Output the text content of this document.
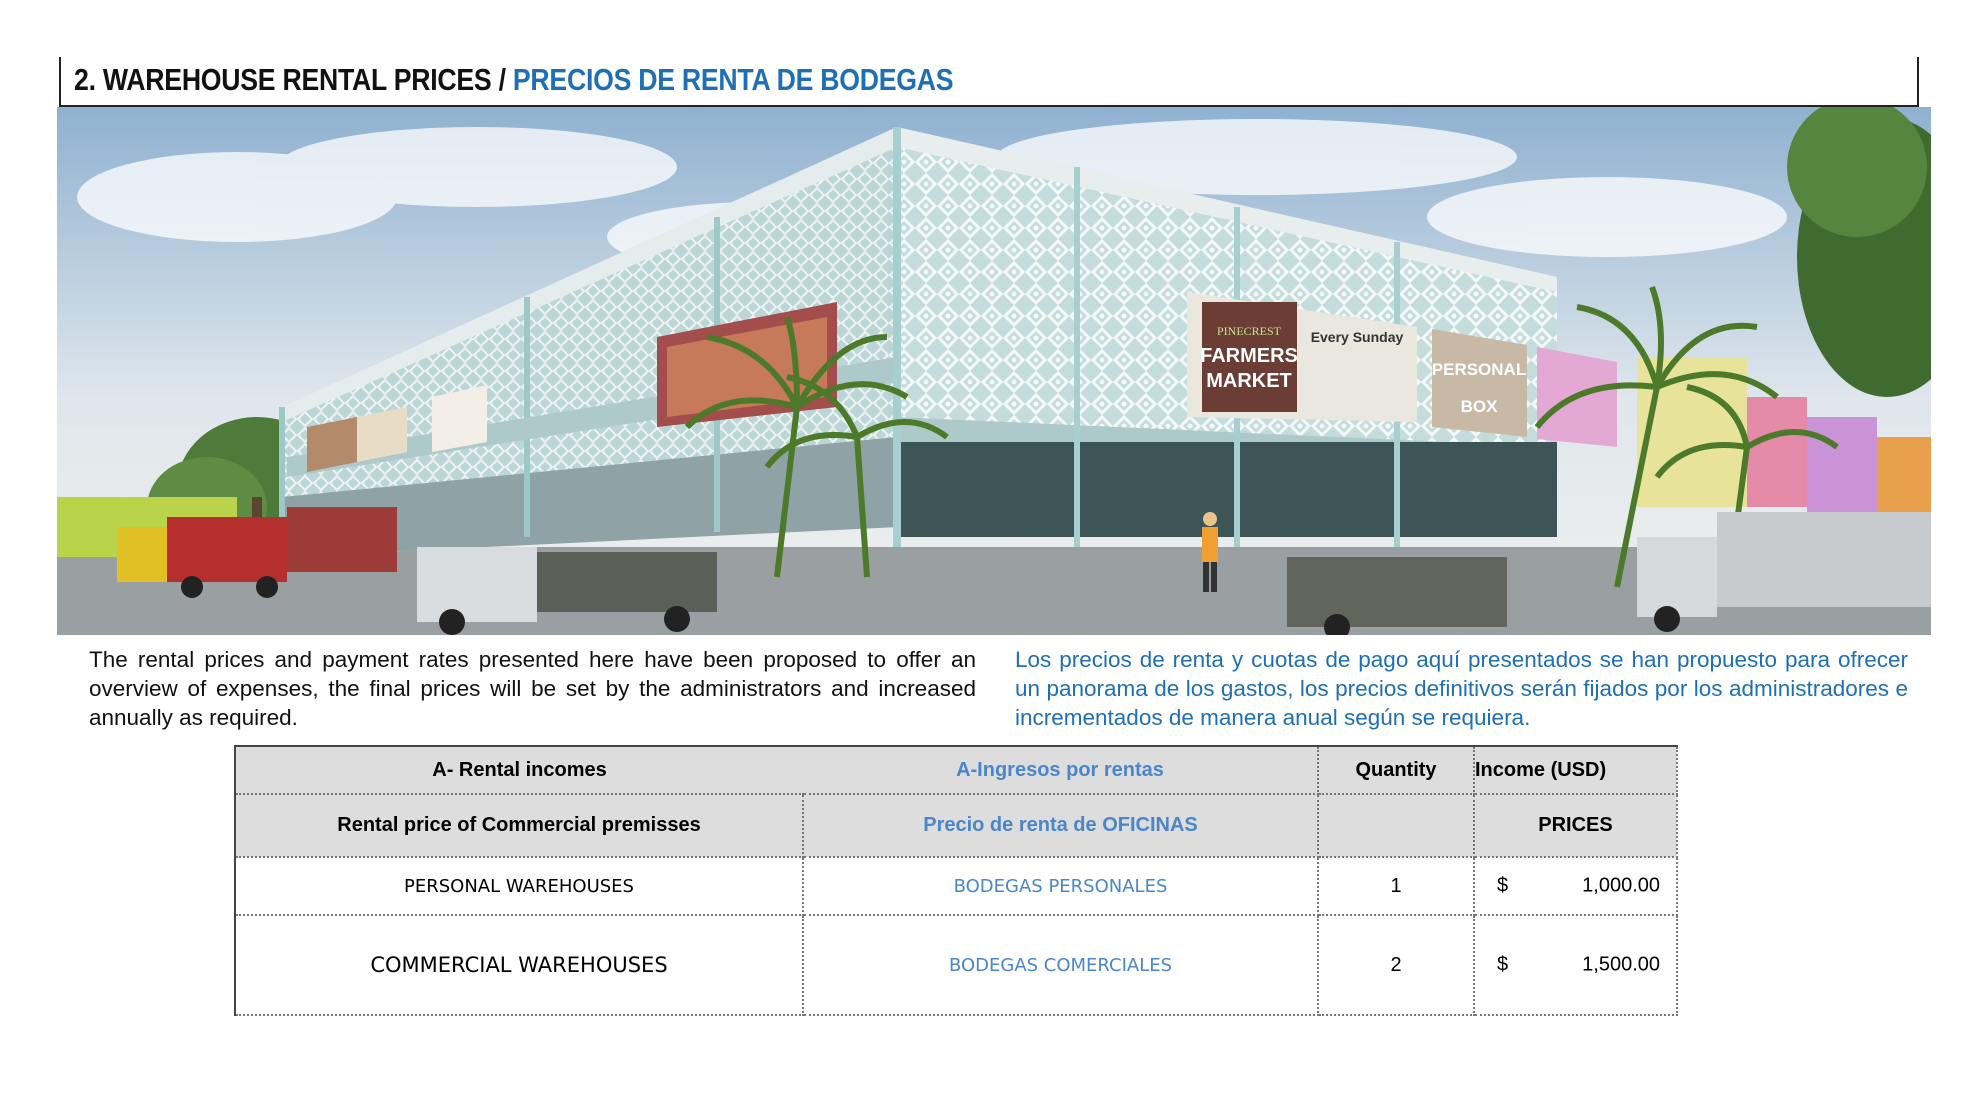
2. WAREHOUSE RENTAL PRICES / PRECIOS DE RENTA DE BODEGAS
PINECREST
FARMERS
MARKET
Every Sunday
PERSONAL
BOX
The rental prices and payment rates presented here have been proposed to offer an overview of expenses, the final prices will be set by the administrators and increased annually as required.
Los precios de renta y cuotas de pago aquí presentados se han propuesto para ofrecer un panorama de los gastos, los precios definitivos serán fijados por los administradores e incrementados de manera anual según se requiera.
A- Rental incomes	A-Ingresos por rentas	Quantity	Income (USD)
Rental price of Commercial premisses	Precio de renta de OFICINAS		PRICES
PERSONAL WAREHOUSES	BODEGAS PERSONALES	1	$ 1,000.00

COMMERCIAL WAREHOUSES	BODEGAS COMERCIALES	2	$ 1,500.00
